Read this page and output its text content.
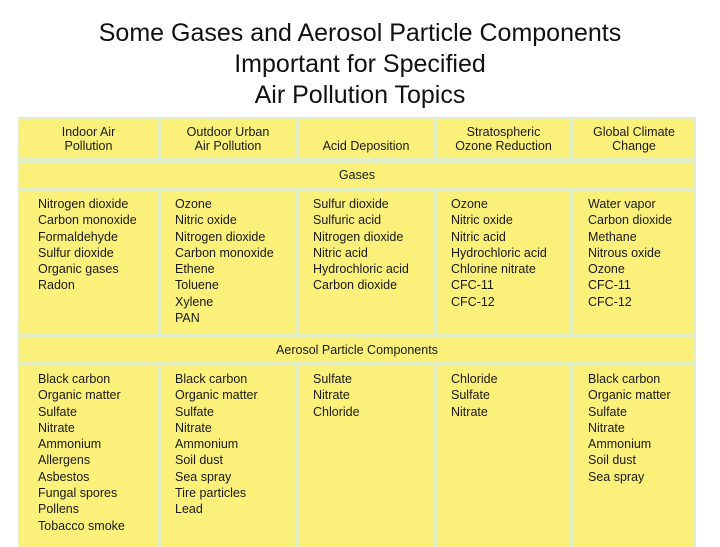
Some Gases and Aerosol Particle Components
Important for Specified
Air Pollution Topics
Indoor Air
Pollution
Outdoor Urban
Air Pollution	Acid Deposition
Stratospheric
Ozone Reduction
Global Climate
Change
Gases
Nitrogen dioxide
Carbon monoxide
Formaldehyde
Sulfur dioxide
Organic gases
Radon
Ozone
Nitric oxide
Nitrogen dioxide
Carbon monoxide
Ethene
Toluene
Xylene
PAN
Sulfur dioxide
Sulfuric acid
Nitrogen dioxide
Nitric acid
Hydrochloric acid
Carbon dioxide
Ozone
Nitric oxide
Nitric acid
Hydrochloric acid
Chlorine nitrate
CFC-11
CFC-12
Water vapor
Carbon dioxide
Methane
Nitrous oxide
Ozone
CFC-11
CFC-12
Aerosol Particle Components
Black carbon
Organic matter
Sulfate
Nitrate
Ammonium
Allergens
Asbestos
Fungal spores
Pollens
Tobacco smoke
Black carbon
Organic matter
Sulfate
Nitrate
Ammonium
Soil dust
Sea spray
Tire particles
Lead
Sulfate
Nitrate
Chloride
Chloride
Sulfate
Nitrate
Black carbon
Organic matter
Sulfate
Nitrate
Ammonium
Soil dust
Sea spray
